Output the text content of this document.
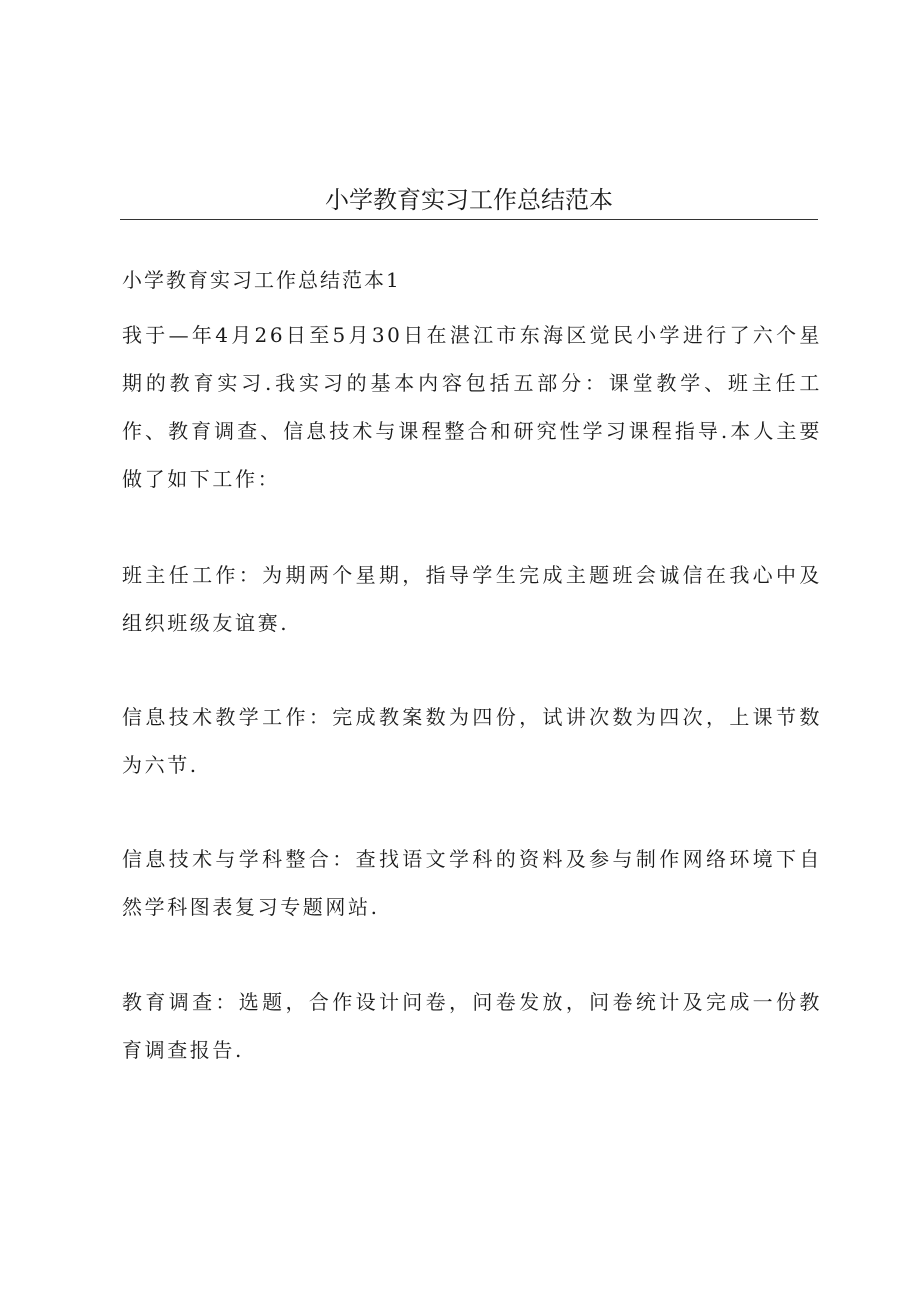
小学教育实习工作总结范本
小学教育实习工作总结范本1

我于—年4月26日至5月30日在湛江市东海区觉民小学进行了六个星期的教育实习.我实习的基本内容包括五部分：课堂教学、班主任工作、教育调查、信息技术与课程整合和研究性学习课程指导.本人主要做了如下工作：

班主任工作：为期两个星期，指导学生完成主题班会诚信在我心中及组织班级友谊赛.

信息技术教学工作：完成教案数为四份，试讲次数为四次，上课节数为六节.

信息技术与学科整合：查找语文学科的资料及参与制作网络环境下自然学科图表复习专题网站.

教育调查：选题，合作设计问卷，问卷发放，问卷统计及完成一份教育调查报告.
